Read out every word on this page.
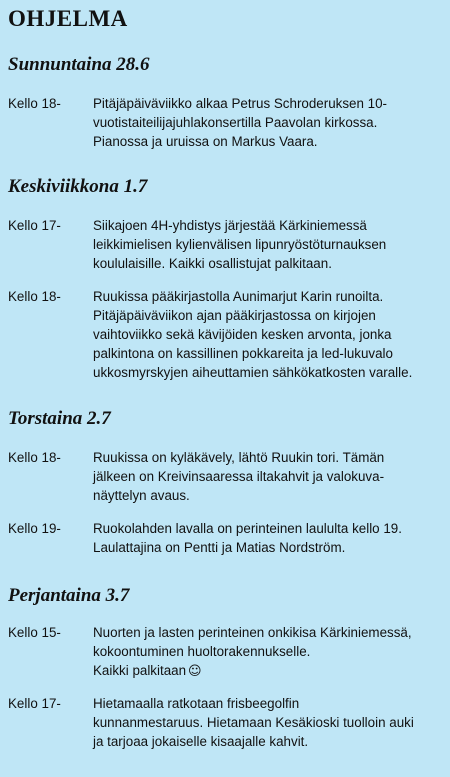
OHJELMA
Sunnuntaina 28.6
Kello 18-	Pitäjäpäiväviikko alkaa Petrus Schroderuksen 10-
vuotistaiteilijajuhlakonsertilla Paavolan kirkossa.
Pianossa ja uruissa on Markus Vaara.
Keskiviikkona 1.7
Kello 17-	Siikajoen 4H-yhdistys järjestää Kärkiniemessä
leikkimielisen kylienvälisen lipunryöstöturnauksen
koululaisille. Kaikki osallistujat palkitaan.
Kello 18-	Ruukissa pääkirjastolla Aunimarjut Karin runoilta.
Pitäjäpäiväviikon ajan pääkirjastossa on kirjojen
vaihtoviikko sekä kävijöiden kesken arvonta, jonka
palkintona on kassillinen pokkareita ja led-lukuvalo
ukkosmyrskyjen aiheuttamien sähkökatkosten varalle.
Torstaina 2.7
Kello 18-	Ruukissa on kyläkävely, lähtö Ruukin tori. Tämän
jälkeen on Kreivinsaaressa iltakahvit ja valokuva-
näyttelyn avaus.
Kello 19-	Ruokolahden lavalla on perinteinen laululta kello 19.
Laulattajina on Pentti ja Matias Nordström.
Perjantaina 3.7
Kello 15-	Nuorten ja lasten perinteinen onkikisa Kärkiniemessä,
kokoontuminen huoltorakennukselle.
Kaikki palkitaan ☺
Kello 17-	Hietamaalla ratkotaan frisbeegolfin
kunnanmestaruus. Hietamaan Kesäkioski tuolloin auki
ja tarjoaa jokaiselle kisaajalle kahvit.
